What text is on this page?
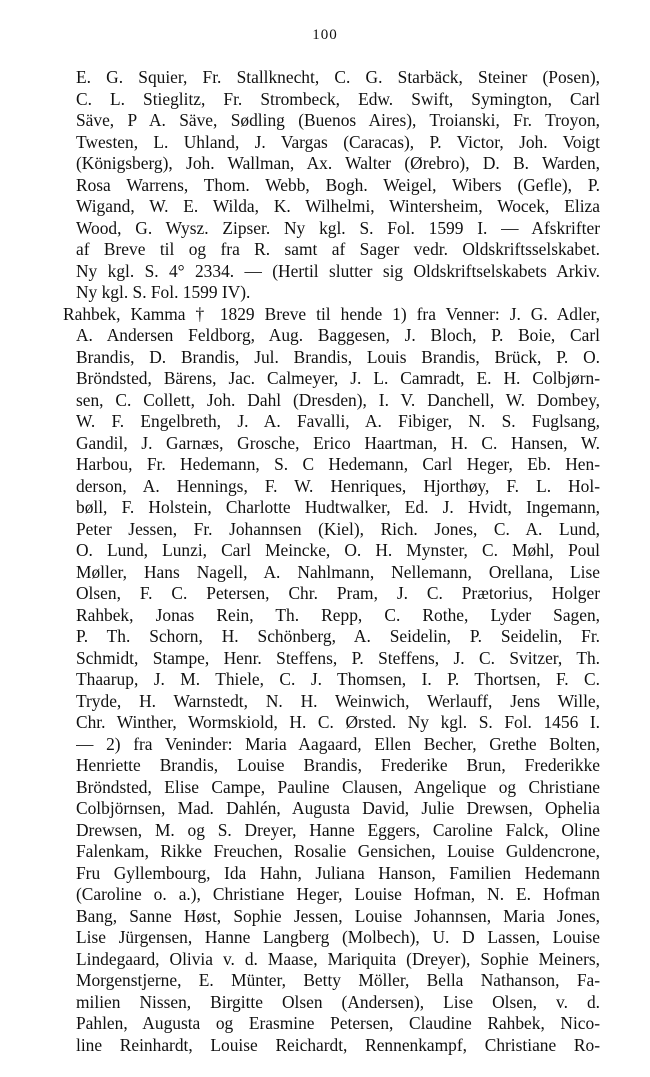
100
E. G. Squier, Fr. Stallknecht, C. G. Starbäck, Steiner (Posen),
C. L. Stieglitz, Fr. Strombeck, Edw. Swift, Symington, Carl
Säve, P A. Säve, Sødling (Buenos Aires), Troianski, Fr. Troyon,
Twesten, L. Uhland, J. Vargas (Caracas), P. Victor, Joh. Voigt
(Königsberg), Joh. Wallman, Ax. Walter (Ørebro), D. B. Warden,
Rosa Warrens, Thom. Webb, Bogh. Weigel, Wibers (Gefle), P.
Wigand, W. E. Wilda, K. Wilhelmi, Wintersheim, Wocek, Eliza
Wood, G. Wysz. Zipser. Ny kgl. S. Fol. 1599 I. — Afskrifter
af Breve til og fra R. samt af Sager vedr. Oldskriftsselskabet.
Ny kgl. S. 4° 2334. — (Hertil slutter sig Oldskriftselskabets Arkiv.
Ny kgl. S. Fol. 1599 IV).
Rahbek, Kamma † 1829 Breve til hende 1) fra Venner: J. G. Adler,
A. Andersen Feldborg, Aug. Baggesen, J. Bloch, P. Boie, Carl
Brandis, D. Brandis, Jul. Brandis, Louis Brandis, Brück, P. O.
Bröndsted, Bärens, Jac. Calmeyer, J. L. Camradt, E. H. Colbjørn-
sen, C. Collett, Joh. Dahl (Dresden), I. V. Danchell, W. Dombey,
W. F. Engelbreth, J. A. Favalli, A. Fibiger, N. S. Fuglsang,
Gandil, J. Garnæs, Grosche, Erico Haartman, H. C. Hansen, W.
Harbou, Fr. Hedemann, S. C Hedemann, Carl Heger, Eb. Hen-
derson, A. Hennings, F. W. Henriques, Hjorthøy, F. L. Hol-
bøll, F. Holstein, Charlotte Hudtwalker, Ed. J. Hvidt, Ingemann,
Peter Jessen, Fr. Johannsen (Kiel), Rich. Jones, C. A. Lund,
O. Lund, Lunzi, Carl Meincke, O. H. Mynster, C. Møhl, Poul
Møller, Hans Nagell, A. Nahlmann, Nellemann, Orellana, Lise
Olsen, F. C. Petersen, Chr. Pram, J. C. Prætorius, Holger
Rahbek, Jonas Rein, Th. Repp, C. Rothe, Lyder Sagen,
P. Th. Schorn, H. Schönberg, A. Seidelin, P. Seidelin, Fr.
Schmidt, Stampe, Henr. Steffens, P. Steffens, J. C. Svitzer, Th.
Thaarup, J. M. Thiele, C. J. Thomsen, I. P. Thortsen, F. C.
Tryde, H. Warnstedt, N. H. Weinwich, Werlauff, Jens Wille,
Chr. Winther, Wormskiold, H. C. Ørsted. Ny kgl. S. Fol. 1456 I.
— 2) fra Veninder: Maria Aagaard, Ellen Becher, Grethe Bolten,
Henriette Brandis, Louise Brandis, Frederike Brun, Frederikke
Bröndsted, Elise Campe, Pauline Clausen, Angelique og Christiane
Colbjörnsen, Mad. Dahlén, Augusta David, Julie Drewsen, Ophelia
Drewsen, M. og S. Dreyer, Hanne Eggers, Caroline Falck, Oline
Falenkam, Rikke Freuchen, Rosalie Gensichen, Louise Guldencrone,
Fru Gyllembourg, Ida Hahn, Juliana Hanson, Familien Hedemann
(Caroline o. a.), Christiane Heger, Louise Hofman, N. E. Hofman
Bang, Sanne Høst, Sophie Jessen, Louise Johannsen, Maria Jones,
Lise Jürgensen, Hanne Langberg (Molbech), U. D Lassen, Louise
Lindegaard, Olivia v. d. Maase, Mariquita (Dreyer), Sophie Meiners,
Morgenstjerne, E. Münter, Betty Möller, Bella Nathanson, Fa-
milien Nissen, Birgitte Olsen (Andersen), Lise Olsen, v. d.
Pahlen, Augusta og Erasmine Petersen, Claudine Rahbek, Nico-
line Reinhardt, Louise Reichardt, Rennenkampf, Christiane Ro-
